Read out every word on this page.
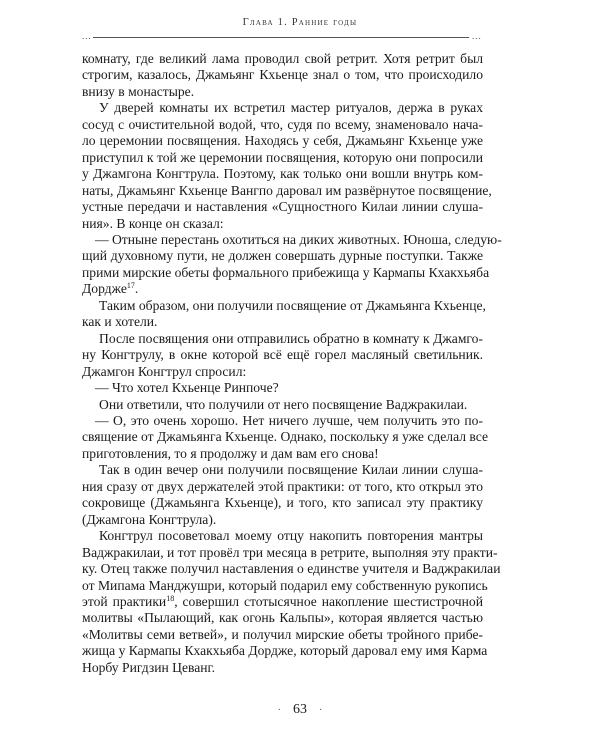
Глава 1. Ранние годы
...	...
комнату, где великий лама проводил свой ретрит. Хотя ретрит был
строгим, казалось, Джамьянг Кхьенце знал о том, что происходило
внизу в монастыре.
У дверей комнаты их встретил мастер ритуалов, держа в руках
сосуд с очистительной водой, что, судя по всему, знаменовало нача-
ло церемонии посвящения. Находясь у себя, Джамьянг Кхьенце уже
приступил к той же церемонии посвящения, которую они попросили
у Джамгона Конгтрула. Поэтому, как только они вошли внутрь ком-
наты, Джамьянг Кхьенце Вангпо даровал им развёрнутое посвящение,
устные передачи и наставления «Сущностного Килаи линии слуша-
ния». В конце он сказал:
— Отныне перестань охотиться на диких животных. Юноша, следую-
щий духовному пути, не должен совершать дурные поступки. Также
прими мирские обеты формального прибежища у Кармапы Кхакхьяба
Дордже$^{17}$.
Таким образом, они получили посвящение от Джамьянга Кхьенце,
как и хотели.
После посвящения они отправились обратно в комнату к Джамго-
ну Конгтрулу, в окне которой всё ещё горел масляный светильник.
Джамгон Конгтрул спросил:
— Что хотел Кхьенце Ринпоче?
Они ответили, что получили от него посвящение Ваджракилаи.
— О, это очень хорошо. Нет ничего лучше, чем получить это по-
священие от Джамьянга Кхьенце. Однако, поскольку я уже сделал все
приготовления, то я продолжу и дам вам его снова!
Так в один вечер они получили посвящение Килаи линии слуша-
ния сразу от двух держателей этой практики: от того, кто открыл это
сокровище (Джамьянга Кхьенце), и того, кто записал эту практику
(Джамгона Конгтрула).
Конгтрул посоветовал моему отцу накопить повторения мантры
Ваджракилаи, и тот провёл три месяца в ретрите, выполняя эту практи-
ку. Отец также получил наставления о единстве учителя и Ваджракилаи
от Мипама Манджушри, который подарил ему собственную рукопись
этой практики$^{18}$, совершил стотысячное накопление шестистрочной
молитвы «Пылающий, как огонь Кальпы», которая является частью
«Молитвы семи ветвей», и получил мирские обеты тройного прибе-
жища у Кармапы Кхакхьяба Дордже, который даровал ему имя Карма
Норбу Ригдзин Цеванг.
· 63 ·
